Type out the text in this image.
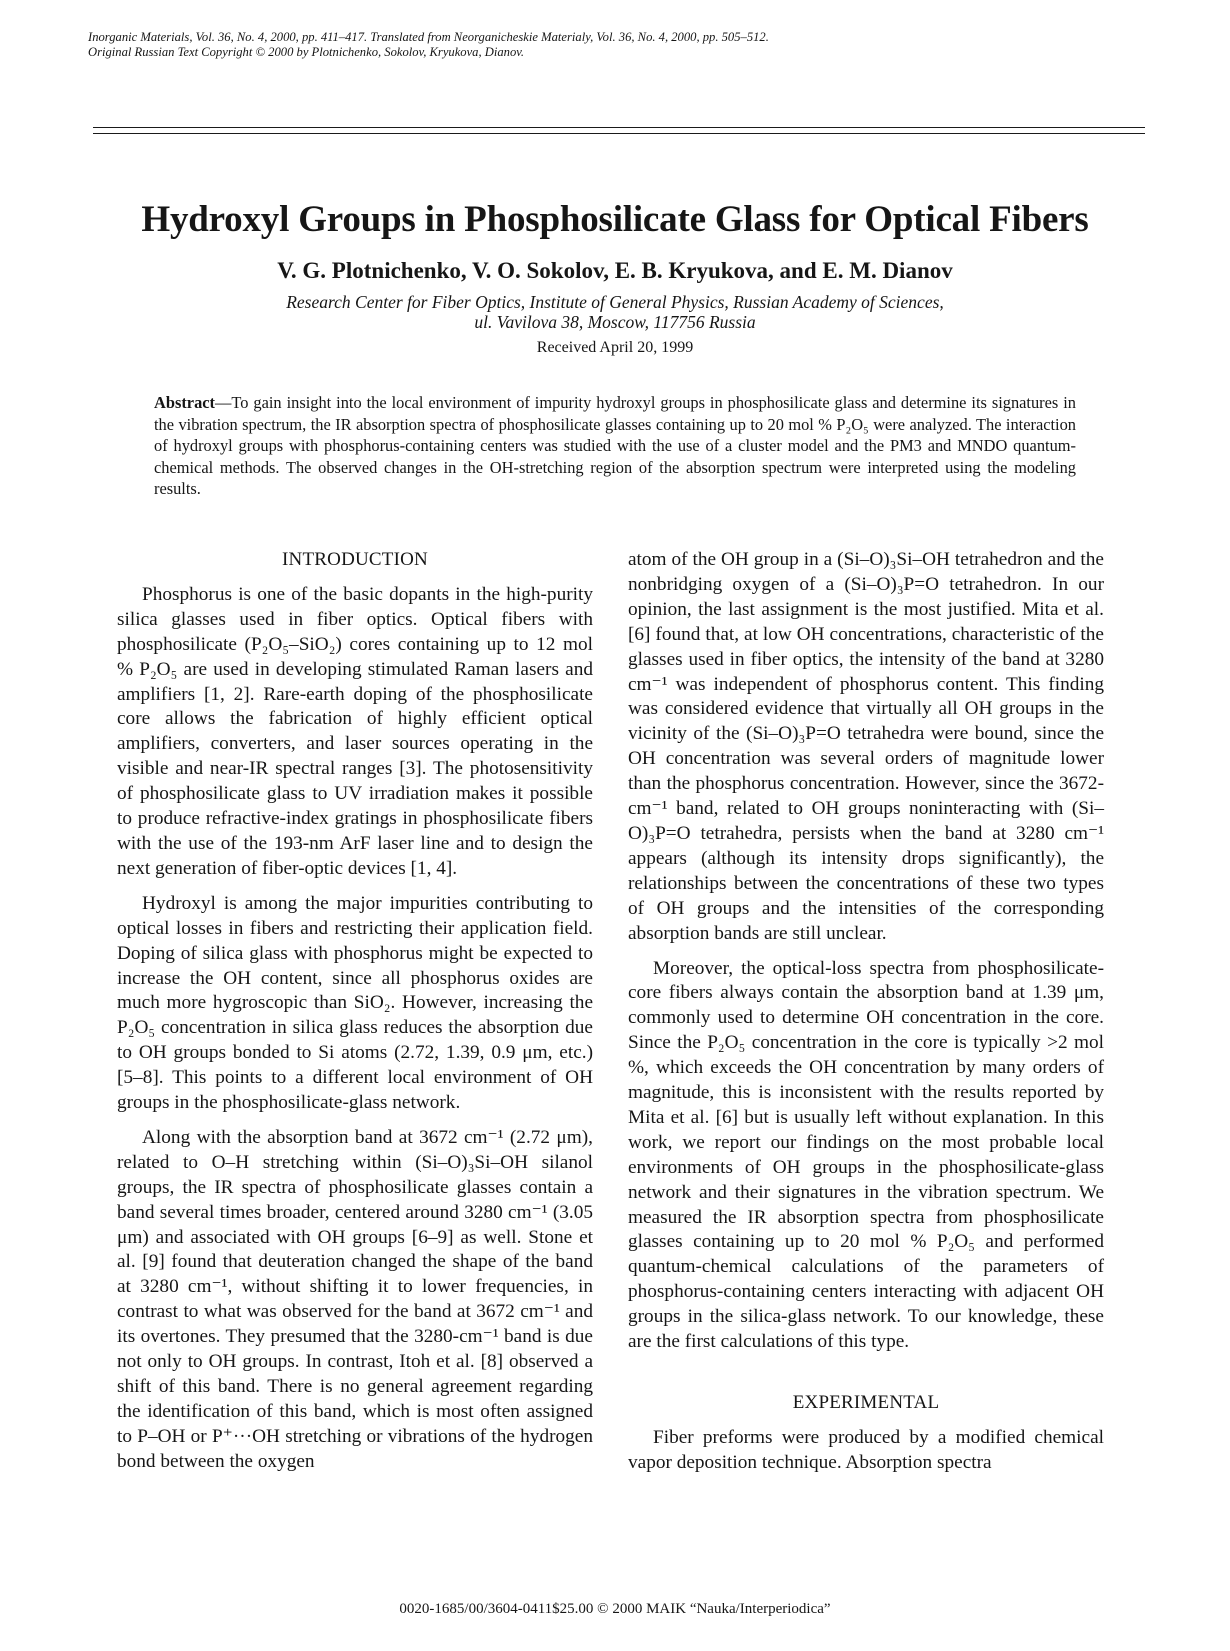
Inorganic Materials, Vol. 36, No. 4, 2000, pp. 411–417. Translated from Neorganicheskie Materialy, Vol. 36, No. 4, 2000, pp. 505–512.
Original Russian Text Copyright © 2000 by Plotnichenko, Sokolov, Kryukova, Dianov.
Hydroxyl Groups in Phosphosilicate Glass for Optical Fibers
V. G. Plotnichenko, V. O. Sokolov, E. B. Kryukova, and E. M. Dianov
Research Center for Fiber Optics, Institute of General Physics, Russian Academy of Sciences,
ul. Vavilova 38, Moscow, 117756 Russia
Received April 20, 1999
Abstract—To gain insight into the local environment of impurity hydroxyl groups in phosphosilicate glass and determine its signatures in the vibration spectrum, the IR absorption spectra of phosphosilicate glasses containing up to 20 mol % P₂O₅ were analyzed. The interaction of hydroxyl groups with phosphorus-containing centers was studied with the use of a cluster model and the PM3 and MNDO quantum-chemical methods. The observed changes in the OH-stretching region of the absorption spectrum were interpreted using the modeling results.

INTRODUCTION

Phosphorus is one of the basic dopants in the high-purity silica glasses used in fiber optics. Optical fibers with phosphosilicate (P₂O₅–SiO₂) cores containing up to 12 mol % P₂O₅ are used in developing stimulated Raman lasers and amplifiers [1, 2]. Rare-earth doping of the phosphosilicate core allows the fabrication of highly efficient optical amplifiers, converters, and laser sources operating in the visible and near-IR spectral ranges [3]. The photosensitivity of phosphosilicate glass to UV irradiation makes it possible to produce refractive-index gratings in phosphosilicate fibers with the use of the 193-nm ArF laser line and to design the next generation of fiber-optic devices [1, 4].

Hydroxyl is among the major impurities contributing to optical losses in fibers and restricting their application field. Doping of silica glass with phosphorus might be expected to increase the OH content, since all phosphorus oxides are much more hygroscopic than SiO₂. However, increasing the P₂O₅ concentration in silica glass reduces the absorption due to OH groups bonded to Si atoms (2.72, 1.39, 0.9 μm, etc.) [5–8]. This points to a different local environment of OH groups in the phosphosilicate-glass network.

Along with the absorption band at 3672 cm⁻¹ (2.72 μm), related to O–H stretching within (Si–O)₃Si–OH silanol groups, the IR spectra of phosphosilicate glasses contain a band several times broader, centered around 3280 cm⁻¹ (3.05 μm) and associated with OH groups [6–9] as well. Stone et al. [9] found that deuteration changed the shape of the band at 3280 cm⁻¹, without shifting it to lower frequencies, in contrast to what was observed for the band at 3672 cm⁻¹ and its overtones. They presumed that the 3280-cm⁻¹ band is due not only to OH groups. In contrast, Itoh et al. [8] observed a shift of this band. There is no general agreement regarding the identification of this band, which is most often assigned to P–OH or P⁺···OH stretching or vibrations of the hydrogen bond between the oxygen

atom of the OH group in a (Si–O)₃Si–OH tetrahedron and the nonbridging oxygen of a (Si–O)₃P=O tetrahedron. In our opinion, the last assignment is the most justified. Mita et al. [6] found that, at low OH concentrations, characteristic of the glasses used in fiber optics, the intensity of the band at 3280 cm⁻¹ was independent of phosphorus content. This finding was considered evidence that virtually all OH groups in the vicinity of the (Si–O)₃P=O tetrahedra were bound, since the OH concentration was several orders of magnitude lower than the phosphorus concentration. However, since the 3672-cm⁻¹ band, related to OH groups noninteracting with (Si–O)₃P=O tetrahedra, persists when the band at 3280 cm⁻¹ appears (although its intensity drops significantly), the relationships between the concentrations of these two types of OH groups and the intensities of the corresponding absorption bands are still unclear.

Moreover, the optical-loss spectra from phosphosilicate-core fibers always contain the absorption band at 1.39 μm, commonly used to determine OH concentration in the core. Since the P₂O₅ concentration in the core is typically >2 mol %, which exceeds the OH concentration by many orders of magnitude, this is inconsistent with the results reported by Mita et al. [6] but is usually left without explanation. In this work, we report our findings on the most probable local environments of OH groups in the phosphosilicate-glass network and their signatures in the vibration spectrum. We measured the IR absorption spectra from phosphosilicate glasses containing up to 20 mol % P₂O₅ and performed quantum-chemical calculations of the parameters of phosphorus-containing centers interacting with adjacent OH groups in the silica-glass network. To our knowledge, these are the first calculations of this type.

EXPERIMENTAL

Fiber preforms were produced by a modified chemical vapor deposition technique. Absorption spectra

0020-1685/00/3604-0411$25.00 © 2000 MAIK “Nauka/Interperiodica”
